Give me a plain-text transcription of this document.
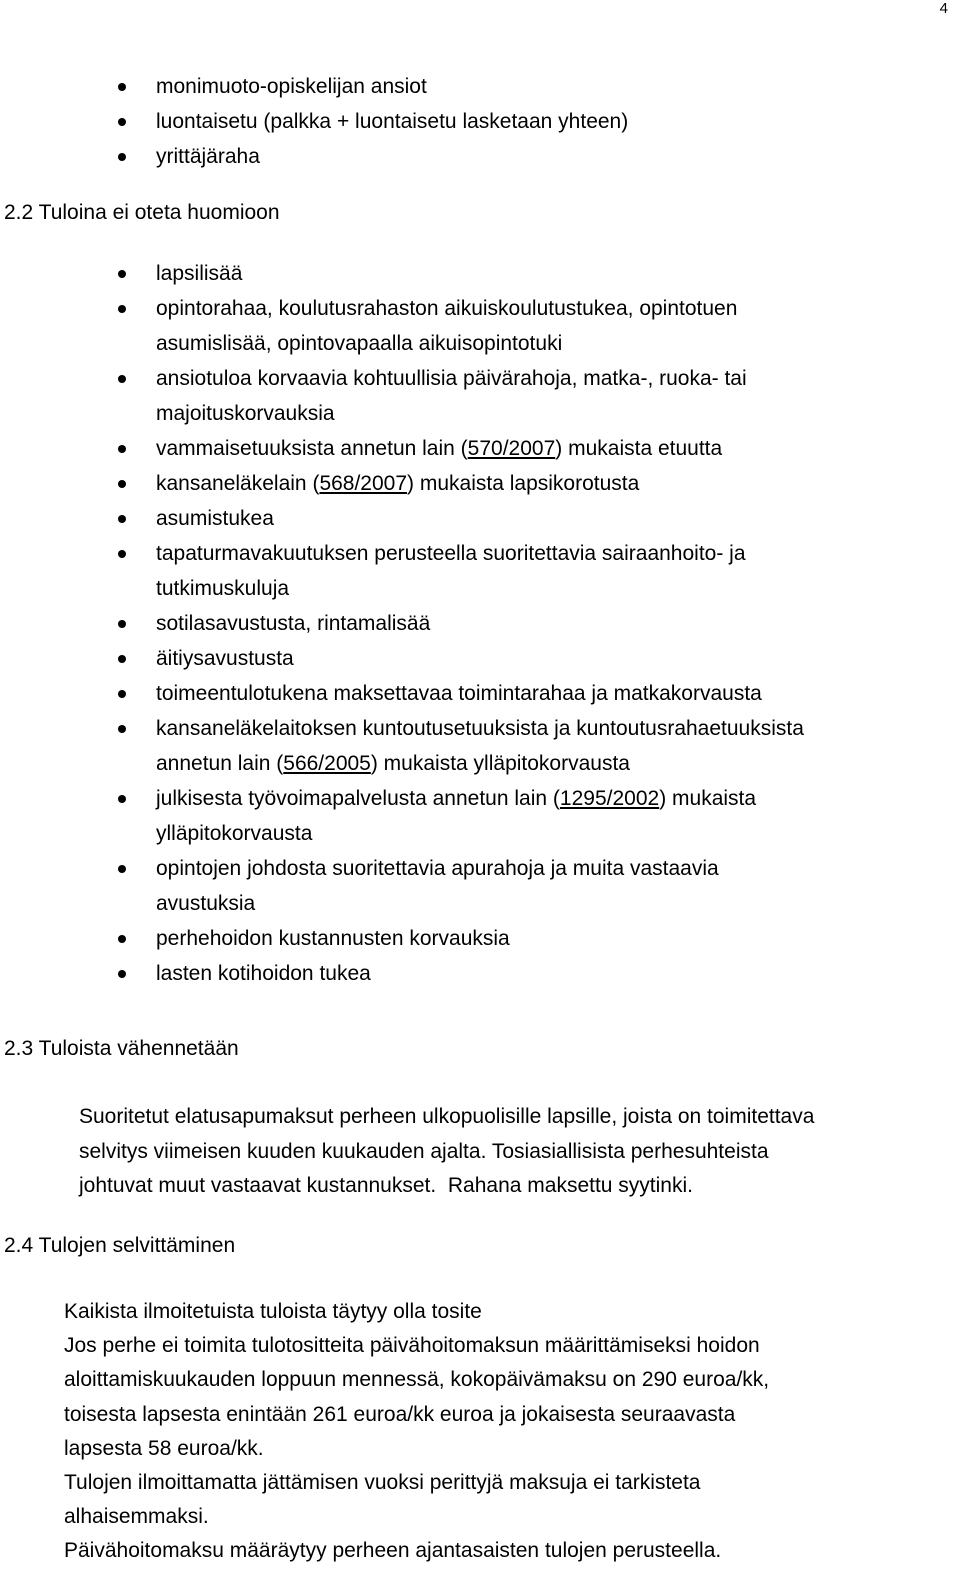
4
monimuoto-opiskelijan ansiot
luontaisetu (palkka + luontaisetu lasketaan yhteen)
yrittäjäraha
2.2 Tuloina ei oteta huomioon
lapsilisää
opintorahaa, koulutusrahaston aikuiskoulutustukea, opintotuen
asumislisää, opintovapaalla aikuisopintotuki
ansiotuloa korvaavia kohtuullisia päivärahoja, matka-, ruoka- tai
majoituskorvauksia
vammaisetuuksista annetun lain (570/2007) mukaista etuutta
kansaneläkelain (568/2007) mukaista lapsikorotusta
asumistukea
tapaturmavakuutuksen perusteella suoritettavia sairaanhoito- ja
tutkimuskuluja
sotilasavustusta, rintamalisää
äitiysavustusta
toimeentulotukena maksettavaa toimintarahaa ja matkakorvausta
kansaneläkelaitoksen kuntoutusetuuksista ja kuntoutusrahaetuuksista
annetun lain (566/2005) mukaista ylläpitokorvausta
julkisesta työvoimapalvelusta annetun lain (1295/2002) mukaista
ylläpitokorvausta
opintojen johdosta suoritettavia apurahoja ja muita vastaavia
avustuksia
perhehoidon kustannusten korvauksia
lasten kotihoidon tukea
2.3 Tuloista vähennetään

Suoritetut elatusapumaksut perheen ulkopuolisille lapsille, joista on toimitettava

selvitys viimeisen kuuden kuukauden ajalta. Tosiasiallisista perhesuhteista

johtuvat muut vastaavat kustannukset.  Rahana maksettu syytinki.

2.4 Tulojen selvittäminen

Kaikista ilmoitetuista tuloista täytyy olla tosite

Jos perhe ei toimita tulotositteita päivähoitomaksun määrittämiseksi hoidon

aloittamiskuukauden loppuun mennessä, kokopäivämaksu on 290 euroa/kk,

toisesta lapsesta enintään 261 euroa/kk euroa ja jokaisesta seuraavasta

lapsesta 58 euroa/kk.

Tulojen ilmoittamatta jättämisen vuoksi perittyjä maksuja ei tarkisteta

alhaisemmaksi.

Päivähoitomaksu määräytyy perheen ajantasaisten tulojen perusteella.
